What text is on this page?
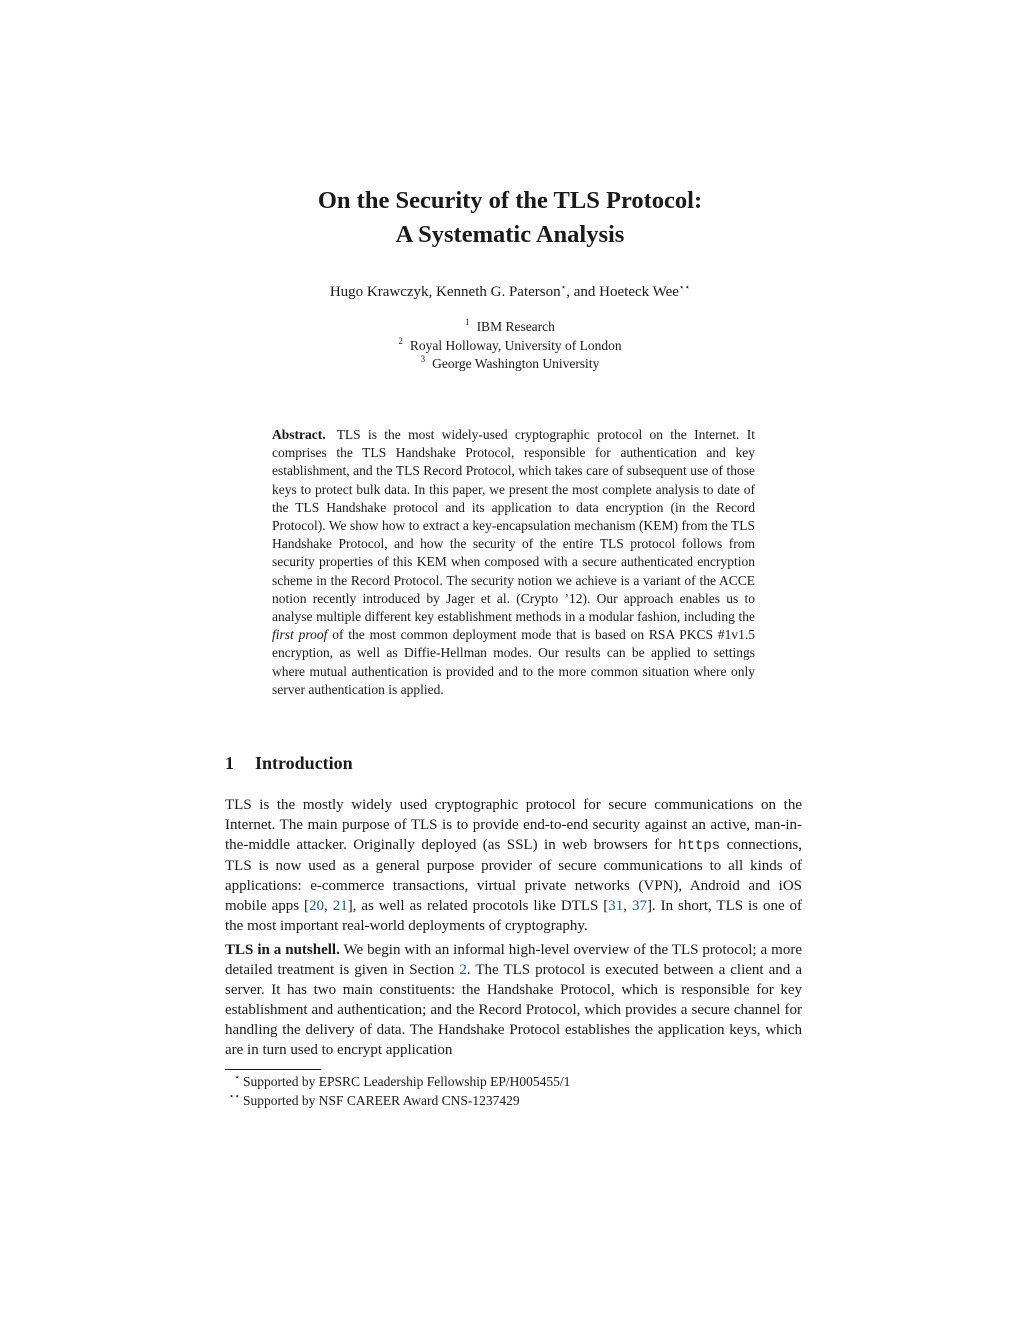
On the Security of the TLS Protocol:
A Systematic Analysis
Hugo Krawczyk, Kenneth G. Paterson⋆, and Hoeteck Wee⋆⋆
$^1$ IBM Research
$^2$ Royal Holloway, University of London
$^3$ George Washington University
Abstract. TLS is the most widely-used cryptographic protocol on the Internet. It comprises the TLS Handshake Protocol, responsible for authentication and key establishment, and the TLS Record Protocol, which takes care of subsequent use of those keys to protect bulk data. In this paper, we present the most complete analysis to date of the TLS Handshake protocol and its application to data encryption (in the Record Protocol). We show how to extract a key-encapsulation mechanism (KEM) from the TLS Handshake Protocol, and how the security of the entire TLS protocol follows from security properties of this KEM when composed with a secure authenticated encryption scheme in the Record Protocol. The security notion we achieve is a variant of the ACCE notion recently introduced by Jager et al. (Crypto ’12). Our approach enables us to analyse multiple different key establishment methods in a modular fashion, including the first proof of the most common deployment mode that is based on RSA PKCS #1v1.5 encryption, as well as Diffie-Hellman modes. Our results can be applied to settings where mutual authentication is provided and to the more common situation where only server authentication is applied.
1 Introduction

TLS is the mostly widely used cryptographic protocol for secure communications on the Internet. The main purpose of TLS is to provide end-to-end security against an active, man-in-the-middle attacker. Originally deployed (as SSL) in web browsers for https connections, TLS is now used as a general purpose provider of secure communications to all kinds of applications: e-commerce transactions, virtual private networks (VPN), Android and iOS mobile apps [20, 21], as well as related procotols like DTLS [31, 37]. In short, TLS is one of the most important real-world deployments of cryptography.

TLS in a nutshell. We begin with an informal high-level overview of the TLS protocol; a more detailed treatment is given in Section 2. The TLS protocol is executed between a client and a server. It has two main constituents: the Handshake Protocol, which is responsible for key establishment and authentication; and the Record Protocol, which provides a secure channel for handling the delivery of data. The Handshake Protocol establishes the application keys, which are in turn used to encrypt application

⋆ Supported by EPSRC Leadership Fellowship EP/H005455/1
⋆⋆ Supported by NSF CAREER Award CNS-1237429
